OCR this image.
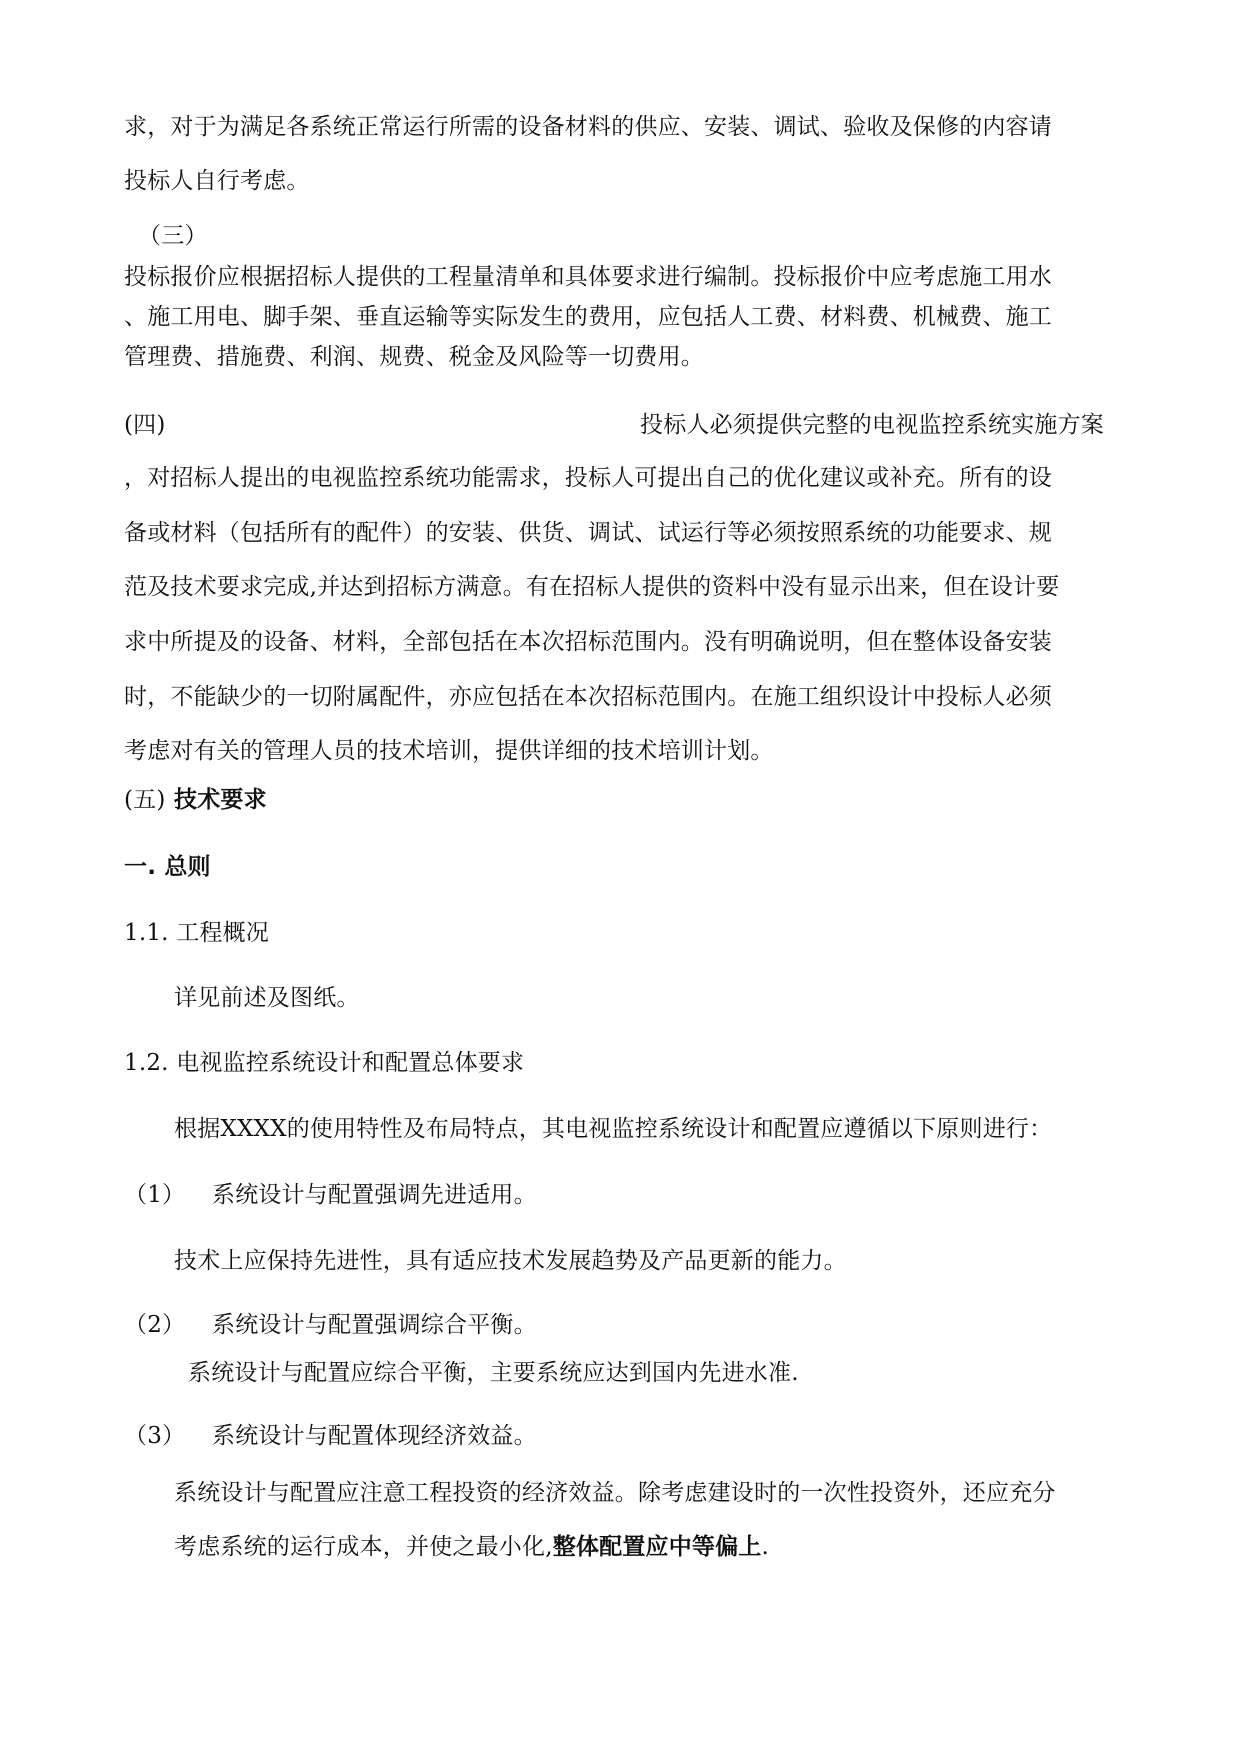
求，对于为满足各系统正常运行所需的设备材料的供应、安装、调试、验收及保修的内容请

投标人自行考虑。

（三）

投标报价应根据招标人提供的工程量清单和具体要求进行编制。投标报价中应考虑施工用水

、施工用电、脚手架、垂直运输等实际发生的费用，应包括人工费、材料费、机械费、施工

管理费、措施费、利润、规费、税金及风险等一切费用。

(四)	投标人必须提供完整的电视监控系统实施方案

，对招标人提出的电视监控系统功能需求，投标人可提出自己的优化建议或补充。所有的设

备或材料（包括所有的配件）的安装、供货、调试、试运行等必须按照系统的功能要求、规

范及技术要求完成,并达到招标方满意。有在招标人提供的资料中没有显示出来，但在设计要

求中所提及的设备、材料，全部包括在本次招标范围内。没有明确说明，但在整体设备安装

时，不能缺少的一切附属配件，亦应包括在本次招标范围内。在施工组织设计中投标人必须

考虑对有关的管理人员的技术培训，提供详细的技术培训计划。

(五) 技术要求

一. 总则

1.1. 工程概况

详见前述及图纸。

1.2. 电视监控系统设计和配置总体要求

根据XXXX的使用特性及布局特点，其电视监控系统设计和配置应遵循以下原则进行：

（1） 系统设计与配置强调先进适用。

技术上应保持先进性，具有适应技术发展趋势及产品更新的能力。

（2） 系统设计与配置强调综合平衡。

系统设计与配置应综合平衡，主要系统应达到国内先进水准.

（3） 系统设计与配置体现经济效益。

系统设计与配置应注意工程投资的经济效益。除考虑建设时的一次性投资外，还应充分

考虑系统的运行成本，并使之最小化,整体配置应中等偏上.
